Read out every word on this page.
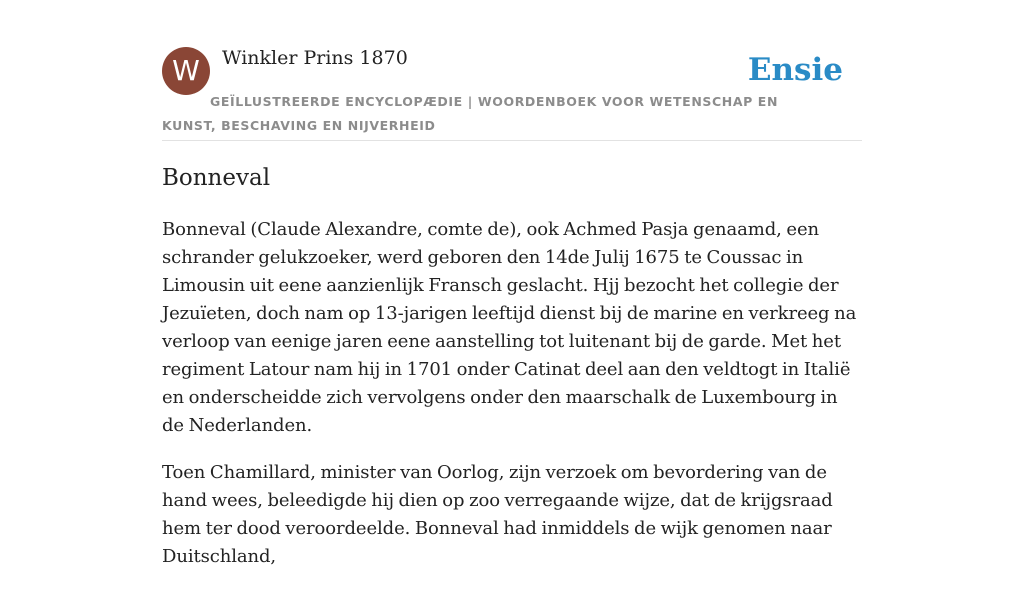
W	Winkler Prins 1870
GEÏLLUSTREERDE ENCYCLOPÆDIE | WOORDENBOEK VOOR WETENSCHAP EN KUNST, BESCHAVING EN NIJVERHEID
Ensie
Bonneval

Bonneval (Claude Alexandre, comte de), ook Achmed Pasja genaamd, een schrander gelukzoeker, werd geboren den 14de Julij 1675 te Coussac in Limousin uit eene aanzienlijk Fransch geslacht. Hjj bezocht het collegie der Jezuïeten, doch nam op 13-jarigen leeftijd dienst bij de marine en verkreeg na verloop van eenige jaren eene aanstelling tot luitenant bij de garde. Met het regiment Latour nam hij in 1701 onder Catinat deel aan den veldtogt in Italië en onderscheidde zich vervolgens onder den maarschalk de Luxembourg in de Nederlanden.

Toen Chamillard, minister van Oorlog, zijn verzoek om bevordering van de hand wees, beleedigde hij dien op zoo verregaande wijze, dat de krijgsraad hem ter dood veroordeelde. Bonneval had inmiddels de wijk genomen naar Duitschland,
